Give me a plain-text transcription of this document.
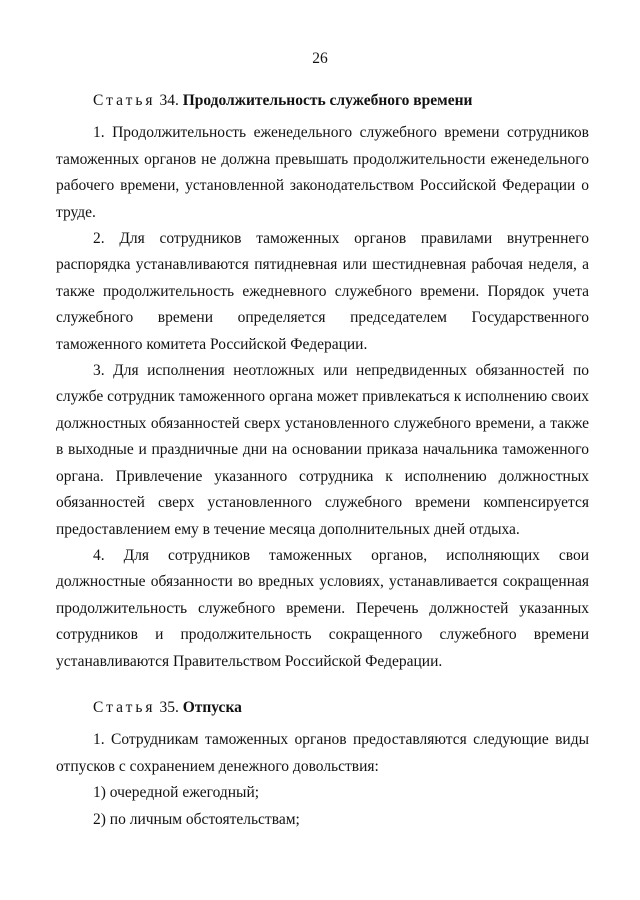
26

Статья 34. Продолжительность служебного времени

1. Продолжительность еженедельного служебного времени сотрудников таможенных органов не должна превышать продолжительности еженедельного рабочего времени, установленной законодательством Российской Федерации о труде.

2. Для сотрудников таможенных органов правилами внутреннего распорядка устанавливаются пятидневная или шестидневная рабочая неделя, а также продолжительность ежедневного служебного времени. Порядок учета служебного времени определяется председателем Государственного таможенного комитета Российской Федерации.

3. Для исполнения неотложных или непредвиденных обязанностей по службе сотрудник таможенного органа может привлекаться к исполнению своих должностных обязанностей сверх установленного служебного времени, а также в выходные и праздничные дни на основании приказа начальника таможенного органа. Привлечение указанного сотрудника к исполнению должностных обязанностей сверх установленного служебного времени компенсируется предоставлением ему в течение месяца дополнительных дней отдыха.

4. Для сотрудников таможенных органов, исполняющих свои должностные обязанности во вредных условиях, устанавливается сокращенная продолжительность служебного времени. Перечень должностей указанных сотрудников и продолжительность сокращенного служебного времени устанавливаются Правительством Российской Федерации.

Статья 35. Отпуска

1. Сотрудникам таможенных органов предоставляются следующие виды отпусков с сохранением денежного довольствия:

1) очередной ежегодный;

2) по личным обстоятельствам;
